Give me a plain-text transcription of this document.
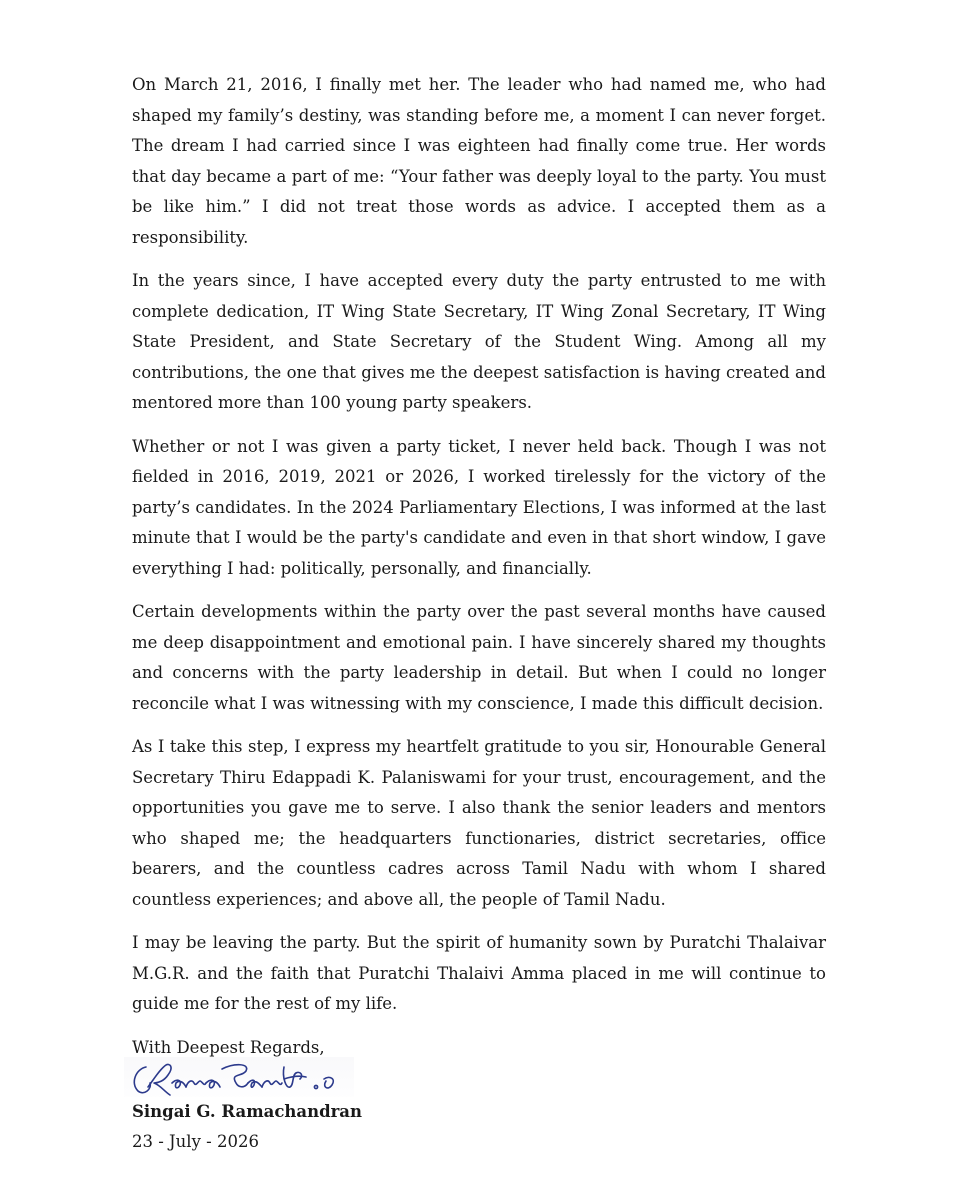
On March 21, 2016, I finally met her. The leader who had named me, who had shaped my family’s destiny, was standing before me, a moment I can never forget. The dream I had carried since I was eighteen had finally come true. Her words that day became a part of me: “Your father was deeply loyal to the party. You must be like him.” I did not treat those words as advice. I accepted them as a responsibility.

In the years since, I have accepted every duty the party entrusted to me with complete dedication, IT Wing State Secretary, IT Wing Zonal Secretary, IT Wing State President, and State Secretary of the Student Wing. Among all my contributions, the one that gives me the deepest satisfaction is having created and mentored more than 100 young party speakers.

Whether or not I was given a party ticket, I never held back. Though I was not fielded in 2016, 2019, 2021 or 2026, I worked tirelessly for the victory of the party’s candidates. In the 2024 Parliamentary Elections, I was informed at the last minute that I would be the party's candidate and even in that short window, I gave everything I had: politically, personally, and financially.

Certain developments within the party over the past several months have caused me deep disappointment and emotional pain. I have sincerely shared my thoughts and concerns with the party leadership in detail. But when I could no longer reconcile what I was witnessing with my conscience, I made this difficult decision.

As I take this step, I express my heartfelt gratitude to you sir, Honourable General Secretary Thiru Edappadi K. Palaniswami for your trust, encouragement, and the opportunities you gave me to serve. I also thank the senior leaders and mentors who shaped me; the headquarters functionaries, district secretaries, office bearers, and the countless cadres across Tamil Nadu with whom I shared countless experiences; and above all, the people of Tamil Nadu.

I may be leaving the party. But the spirit of humanity sown by Puratchi Thalaivar M.G.R. and the faith that Puratchi Thalaivi Amma placed in me will continue to guide me for the rest of my life.

With Deepest Regards,

Singai G. Ramachandran

23 - July - 2026
